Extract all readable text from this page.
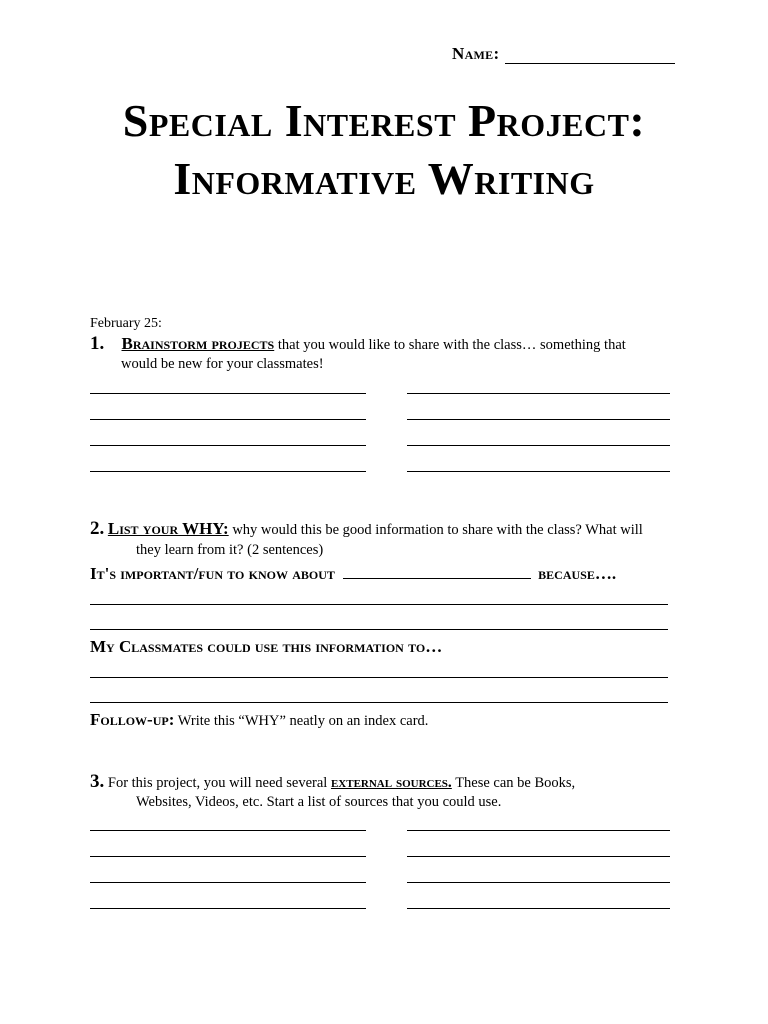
Name:
Special Interest Project:
Informative Writing
February 25:
1. Brainstorm projects that you would like to share with the class… something that
would be new for your classmates!
2. List your WHY: why would this be good information to share with the class? What will
they learn from it? (2 sentences)
It's important/fun to know about	because….
My Classmates could use this information to…
Follow-up: Write this “WHY” neatly on an index card.
3. For this project, you will need several external sources. These can be Books,
Websites, Videos, etc. Start a list of sources that you could use.
